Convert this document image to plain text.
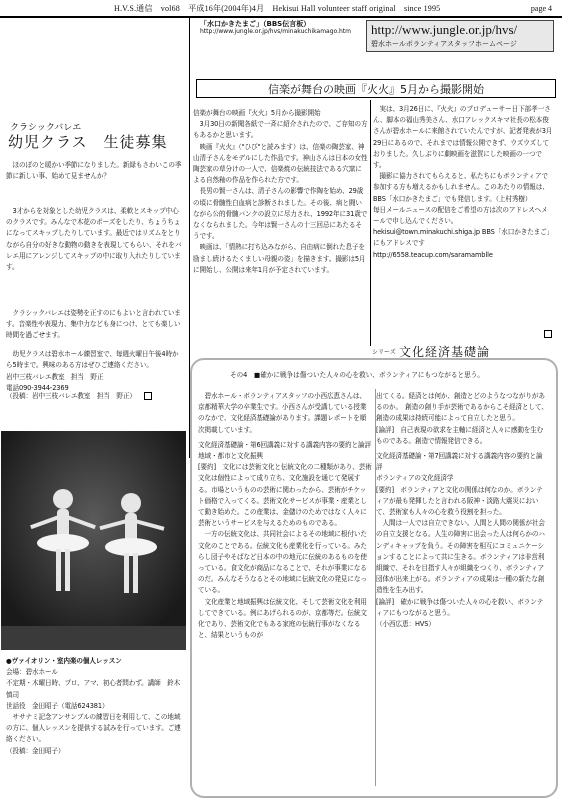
H.V.S.通信　vol68　平成16年(2004年)4月　Hekisui Hall volunteer staff original　since 1995	page 4
「水口かきたまご」（BBS伝言板）
http://www.jungle.or.jp/hvs/minakuchikamago.htm	http://www.jungle.or.jp/hvs/
碧水ホールボランティアスタッフホームページ
信楽が舞台の映画『火火』5月から撮影開始
クラシックバレエ
幼児クラス　生徒募集
　ほのぼのと暖かい季節になりました。新緑もさわいこの季節に新しい事、始めて見ませんか？
　3才からを対象とした幼児クラスは、柔軟とスキップ中心のクラスです。みんなで木花のポーズをしたり、ちょうちょになってスキップしたりしています。最近ではリズムをとりながら自分の好きな動物の動きを表現してもらい、それをバレエ用にアレンジしてスキップの中に取り入れたりしています。
　クラシックバレエは姿勢を正すのにもよいと言われています。音楽性や表現力、集中力なども身につけ、とても楽しい時間を過ごせます。
　幼児クラスは碧水ホール練習室で、毎週火曜日午後4時から5時まで。興味のある方はぜひご連絡ください。
岩中三枝バレエ教室　担当　野正
電話090-3944-2369
（投稿：岩中三枝バレエ教室　担当　野正）
●ヴァイオリン・室内楽の個人レッスン
会場：碧水ホール
不定期・木曜日時、プロ、アマ、初心者問わず。講師　鈴木慎司
世話役　金田昭子（電話624381）
　ササナミ記念アンサンブルの練習日を利用して、この地域の方に、個人レッスンを提供する試みを行っています。ご連絡ください。
（投稿：金田昭子）
信楽が舞台の映画『火火』5月から撮影開始
　3月30日の新聞各紙で一斉に紹介されたので、ご存知の方もあるかと思います。
　映画『火火』（"ひび"と読みます）は、信楽の陶芸家、神山清子さんをモデルにした作品です。神山さんは日本の女性陶芸家の草分けの一人で、信楽焼の伝統技法である穴窯による自然釉の作品を作られた方です。
　長男の賢一さんは、清子さんの影響で作陶を始め、29歳の頃に骨髄性白血病と診断されました。その後、病と闘いながら公的骨髄バンクの設立に尽力され、1992年に31歳でなくなられました。今年は賢一さんの十三回忌にあたるそうです。
　映画は、「情熱に打ち込みながら、自由病に倒れた息子を励まし続けるたくましい母親の姿」を描きます。撮影は5月に開始し、公開は来年1月が予定されています。
　実は、3月26日に、『火火』のプロデューサー日下部孝一さん、脚本の福山秀美さん、水口アレックスキマ社長の松本俊さんが碧水ホールに来館されていたんですが、記者発表が3月29日にあるので、それまでは情報公開できず、ウズウズしておりました。久しぶりに劇映画を滋賀にした映画の一つです。
　撮影に協力されてもらえると、私たちにもボランティアで参加する方も増えるかもしれません。このあたりの情報は、BBS「水口かきたまご」でも発信します。（上村秀樹）
毎日メールニュースの配信をご希望の方は次のアドレスへメールで申し込んでください。
hekisui@town.minakuchi.shiga.jp BBS「水口かきたまご」にもアドレスです
http://6558.teacup.com/saramamblle
シリーズ 文化経済基礎論
その4　■確かに戦争は傷ついた人々の心を救い、ボランティアにもつながると思う。
　碧水ホール・ボランティアスタッフの小西広恵さんは、京都精華大学の卒業生です。小西さんが受講している授業のなかで、文化経済基礎論があります。課題レポートを順次掲載しています。
文化経済基礎論・第6回講義に対する講義内容の要約と論評
地域・都市と文化振興
[要約]　文化には芸術文化と伝統文化の二種類があり、芸術文化は個性によって成り立ち、文化施設を通じて発展する。市場というものの芸術に関わったから、芸術がチケット価格で入ってくる。芸術文化サービスが事業・産業として動き始めた。この産業は、金儲けのためではなく人々に芸術というサービスを与えるためのものである。
　一方の伝統文化は、共同社会によるその地域に根付いた文化のことである。伝統文化も産業化を行っている。みたらし団子やそばなど日本の中の地元に伝統のあるものを使っている。食文化が商品になることで、それが事業になるのだ。みんなそうなるとその地域に伝統文化の発見になっている。
　文化産業と地域振興は伝統文化、そして芸術文化を利用してできている。例にあげられるのが、京都等だ。伝統文化であり、芸術文化でもある家庭の伝統行事がなくなると、結果というものが
出てくる。経済とは何か、創造とどのようなつながりがあるのか。　創造の創り手が芸術であるからこそ経済として、創造の成果は持続可能によって自立したと思う。
[論評]　自己表現の欲求を主軸に経済と人々に感動を生むものである。創造で情報発信できる。
文化経済基礎論・第7回講義に対する講義内容の要約と論評
ボランティアの文化経済学
[要約]　ボランティアと文化の関係は何なのか。ボランティアが最も発揮したと言われる阪神・淡路大震災において、芸術家も人々の心を救う役割を担った。
　人間は一人では自立できない。人間と人間の関係が社会の自立支援となる。人生の障害に出会った人は何らかのハンディキャップを負う。その障害を相互にコミュニケーションすることによって共に生きる。ボランティアは非営利組織で、それを目指す人々が組織をつくり、ボランティア団体が出来上がる。ボランティアの成果は一種の新たな創造性を生み出す。
[論評]　確かに戦争は傷ついた人々の心を救い、ボランティアにもつながると思う。
（小西広恵：HVS）
